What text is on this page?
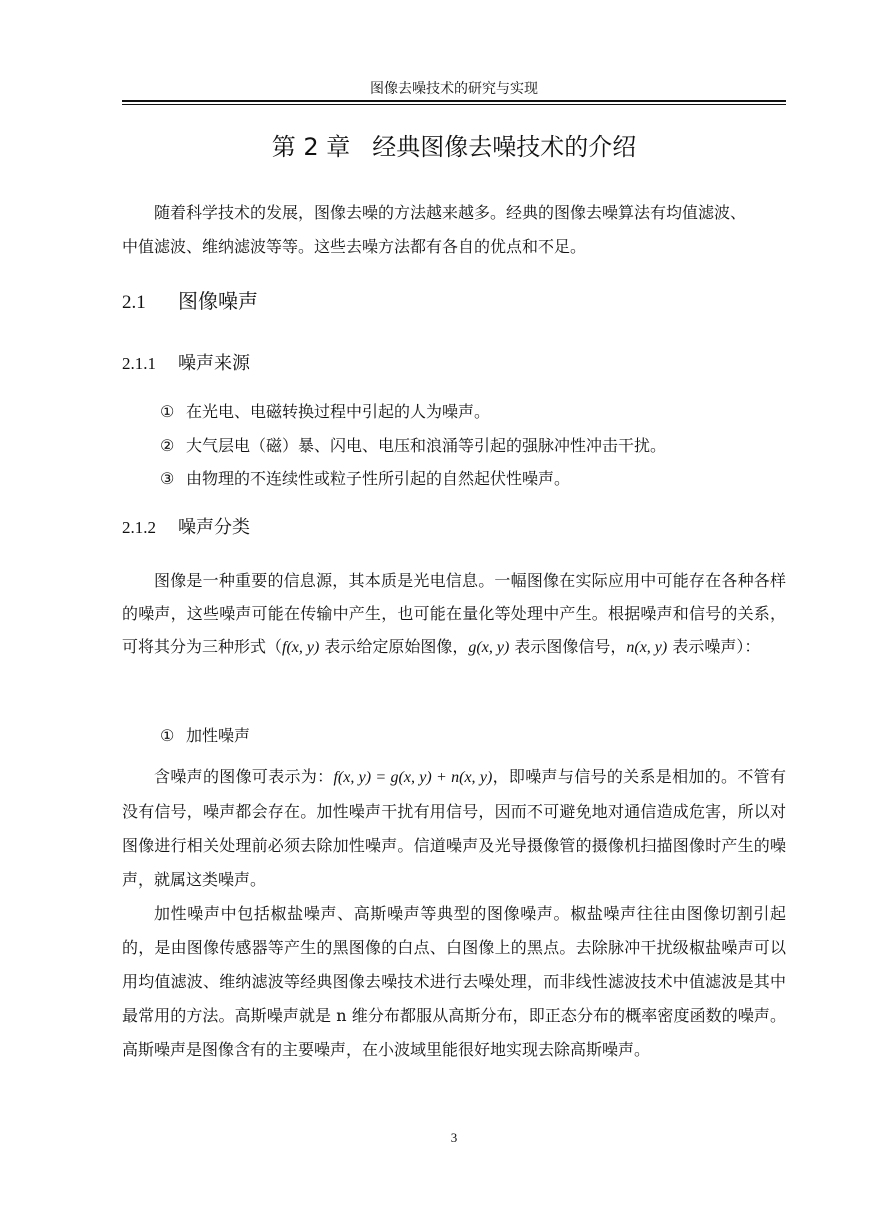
图像去噪技术的研究与实现
第 2 章 经典图像去噪技术的介绍
随着科学技术的发展，图像去噪的方法越来越多。经典的图像去噪算法有均值滤波、
中值滤波、维纳滤波等等。这些去噪方法都有各自的优点和不足。
2.1 图像噪声
2.1.1 噪声来源
① 在光电、电磁转换过程中引起的人为噪声。
② 大气层电（磁）暴、闪电、电压和浪涌等引起的强脉冲性冲击干扰。
③ 由物理的不连续性或粒子性所引起的自然起伏性噪声。
2.1.2 噪声分类

图像是一种重要的信息源，其本质是光电信息。一幅图像在实际应用中可能存在各种各样的噪声，这些噪声可能在传输中产生，也可能在量化等处理中产生。根据噪声和信号的关系，可将其分为三种形式（f(x, y) 表示给定原始图像，g(x, y) 表示图像信号，n(x, y) 表示噪声）：

① 加性噪声

含噪声的图像可表示为：f(x, y) = g(x, y) + n(x, y)，即噪声与信号的关系是相加的。不管有没有信号，噪声都会存在。加性噪声干扰有用信号，因而不可避免地对通信造成危害，所以对图像进行相关处理前必须去除加性噪声。信道噪声及光导摄像管的摄像机扫描图像时产生的噪声，就属这类噪声。

加性噪声中包括椒盐噪声、高斯噪声等典型的图像噪声。椒盐噪声往往由图像切割引起的，是由图像传感器等产生的黑图像的白点、白图像上的黑点。去除脉冲干扰级椒盐噪声可以用均值滤波、维纳滤波等经典图像去噪技术进行去噪处理，而非线性滤波技术中值滤波是其中最常用的方法。高斯噪声就是 n 维分布都服从高斯分布，即正态分布的概率密度函数的噪声。高斯噪声是图像含有的主要噪声，在小波域里能很好地实现去除高斯噪声。

3
